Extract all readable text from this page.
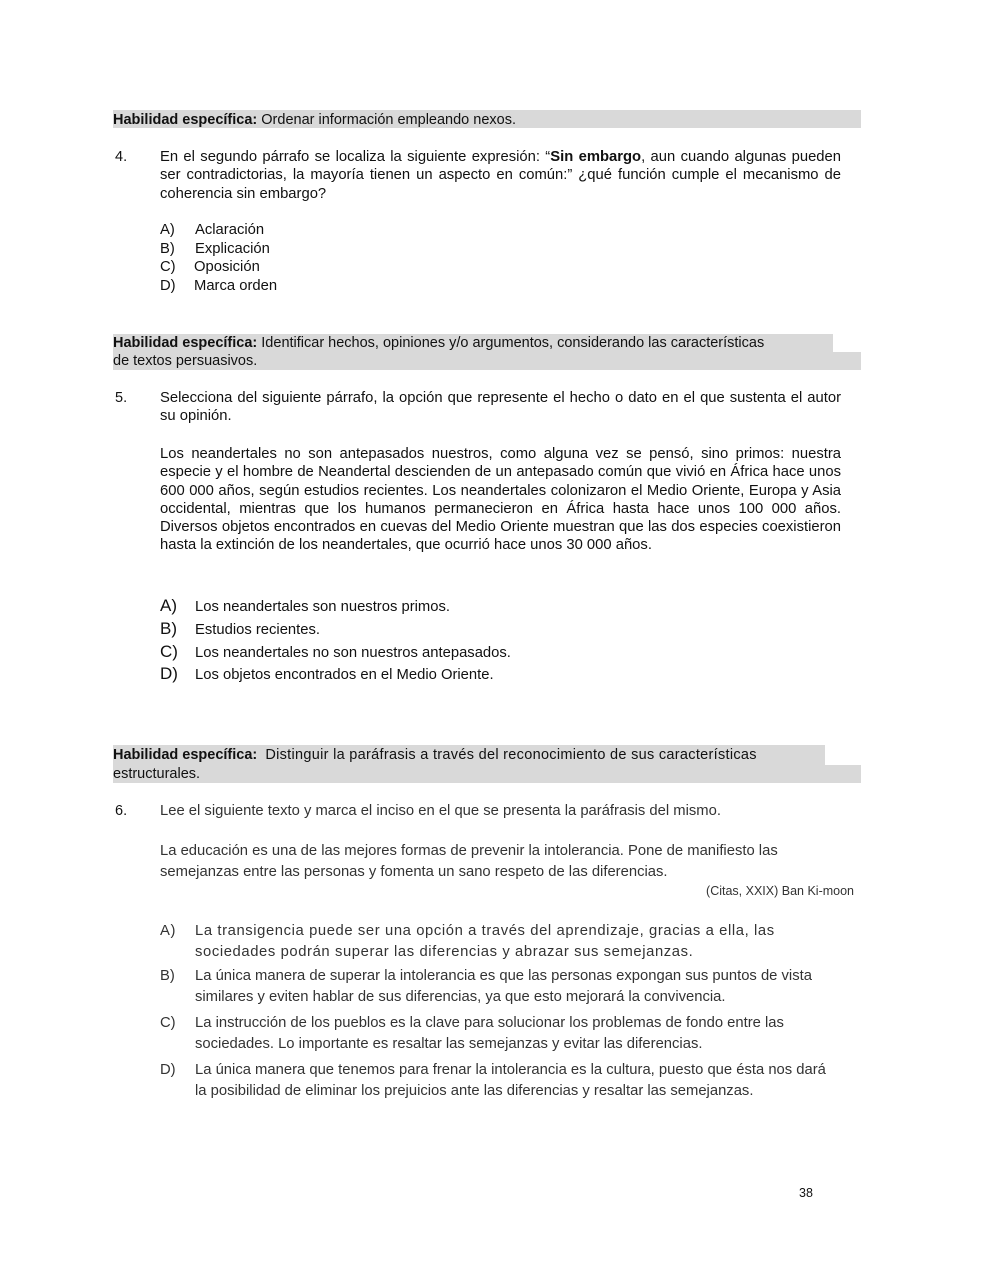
Habilidad específica: Ordenar información empleando nexos.
4. En el segundo párrafo se localiza la siguiente expresión: “Sin embargo, aun cuando algunas pueden ser contradictorias, la mayoría tienen un aspecto en común:” ¿qué función cumple el mecanismo de coherencia sin embargo?
A) Aclaración
B) Explicación
C) Oposición
D) Marca orden
Habilidad específica: Identificar hechos, opiniones y/o argumentos, considerando las características
de textos persuasivos.
5. Selecciona del siguiente párrafo, la opción que represente el hecho o dato en el que sustenta el autor su opinión.
Los neandertales no son antepasados nuestros, como alguna vez se pensó, sino primos: nuestra especie y el hombre de Neandertal descienden de un antepasado común que vivió en África hace unos 600 000 años, según estudios recientes. Los neandertales colonizaron el Medio Oriente, Europa y Asia occidental, mientras que los humanos permanecieron en África hasta hace unos 100 000 años. Diversos objetos encontrados en cuevas del Medio Oriente muestran que las dos especies coexistieron hasta la extinción de los neandertales, que ocurrió hace unos 30 000 años.
A) Los neandertales son nuestros primos.
B) Estudios recientes.
C) Los neandertales no son nuestros antepasados.
D) Los objetos encontrados en el Medio Oriente.
Habilidad específica: Distinguir la paráfrasis a través del reconocimiento de sus características
estructurales.
6. Lee el siguiente texto y marca el inciso en el que se presenta la paráfrasis del mismo.
La educación es una de las mejores formas de prevenir la intolerancia. Pone de manifiesto las semejanzas entre las personas y fomenta un sano respeto de las diferencias.
(Citas, XXIX) Ban Ki-moon
A) La transigencia puede ser una opción a través del aprendizaje, gracias a ella, las sociedades podrán superar las diferencias y abrazar sus semejanzas.
B) La única manera de superar la intolerancia es que las personas expongan sus puntos de vista similares y eviten hablar de sus diferencias, ya que esto mejorará la convivencia.
C) La instrucción de los pueblos es la clave para solucionar los problemas de fondo entre las sociedades. Lo importante es resaltar las semejanzas y evitar las diferencias.
D) La única manera que tenemos para frenar la intolerancia es la cultura, puesto que ésta nos dará la posibilidad de eliminar los prejuicios ante las diferencias y resaltar las semejanzas.
38
